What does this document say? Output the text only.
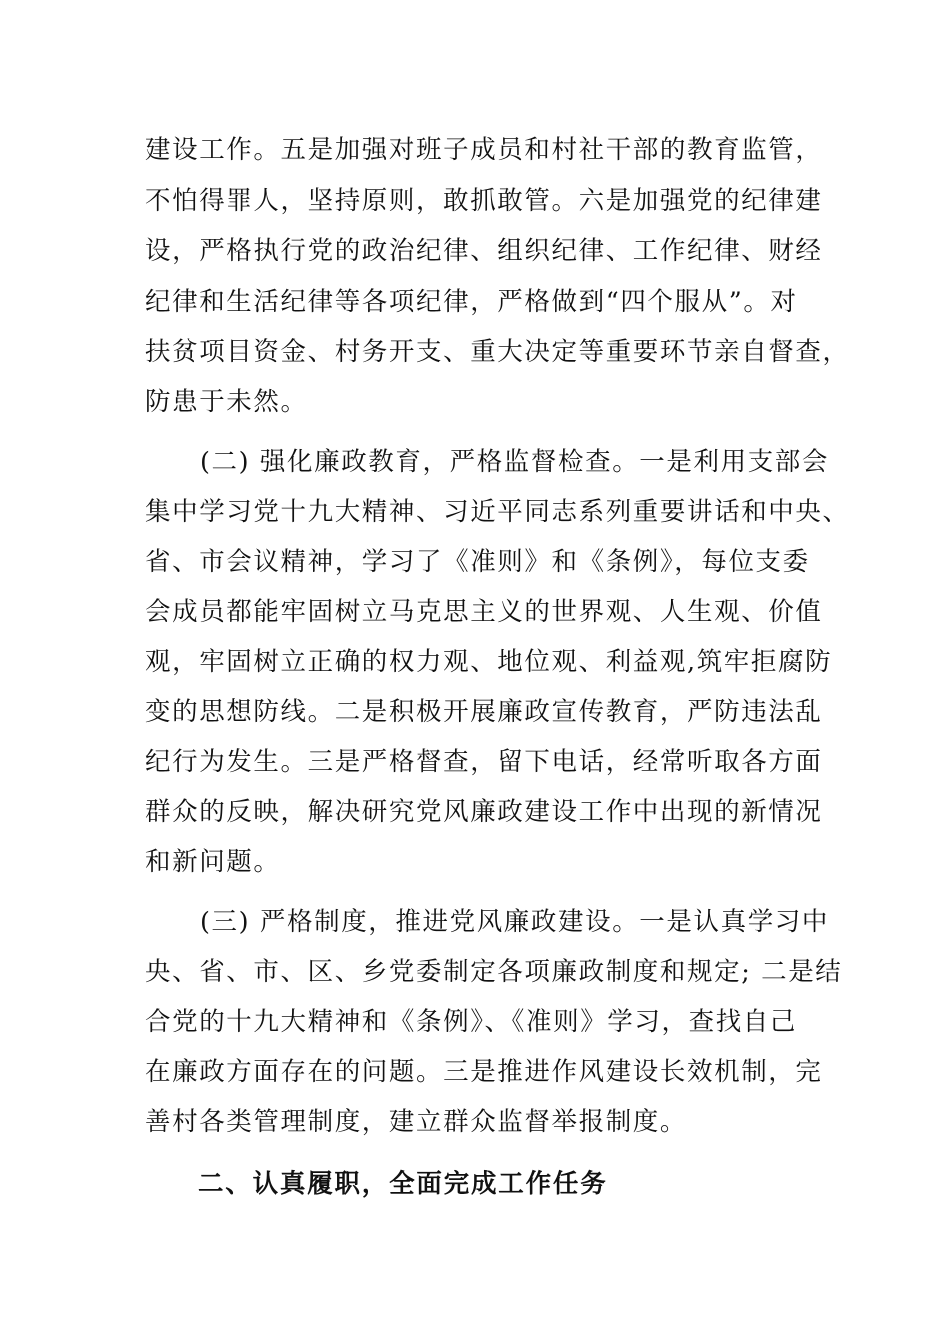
建设工作。五是加强对班子成员和村社干部的教育监管，
不怕得罪人，坚持原则，敢抓敢管。六是加强党的纪律建
设，严格执行党的政治纪律、组织纪律、工作纪律、财经
纪律和生活纪律等各项纪律，严格做到“四个服从”。对
扶贫项目资金、村务开支、重大决定等重要环节亲自督查，
防患于未然。
(二) 强化廉政教育，严格监督检查。一是利用支部会
集中学习党十九大精神、习近平同志系列重要讲话和中央、
省、市会议精神，学习了《准则》和《条例》，每位支委
会成员都能牢固树立马克思主义的世界观、人生观、价值
观，牢固树立正确的权力观、地位观、利益观,筑牢拒腐防
变的思想防线。二是积极开展廉政宣传教育，严防违法乱
纪行为发生。三是严格督查，留下电话，经常听取各方面
群众的反映，解决研究党风廉政建设工作中出现的新情况
和新问题。
(三) 严格制度，推进党风廉政建设。一是认真学习中
央、省、市、区、乡党委制定各项廉政制度和规定; 二是结
合党的十九大精神和《条例》、《准则》学习，查找自己
在廉政方面存在的问题。三是推进作风建设长效机制，完
善村各类管理制度，建立群众监督举报制度。
二、认真履职，全面完成工作任务
